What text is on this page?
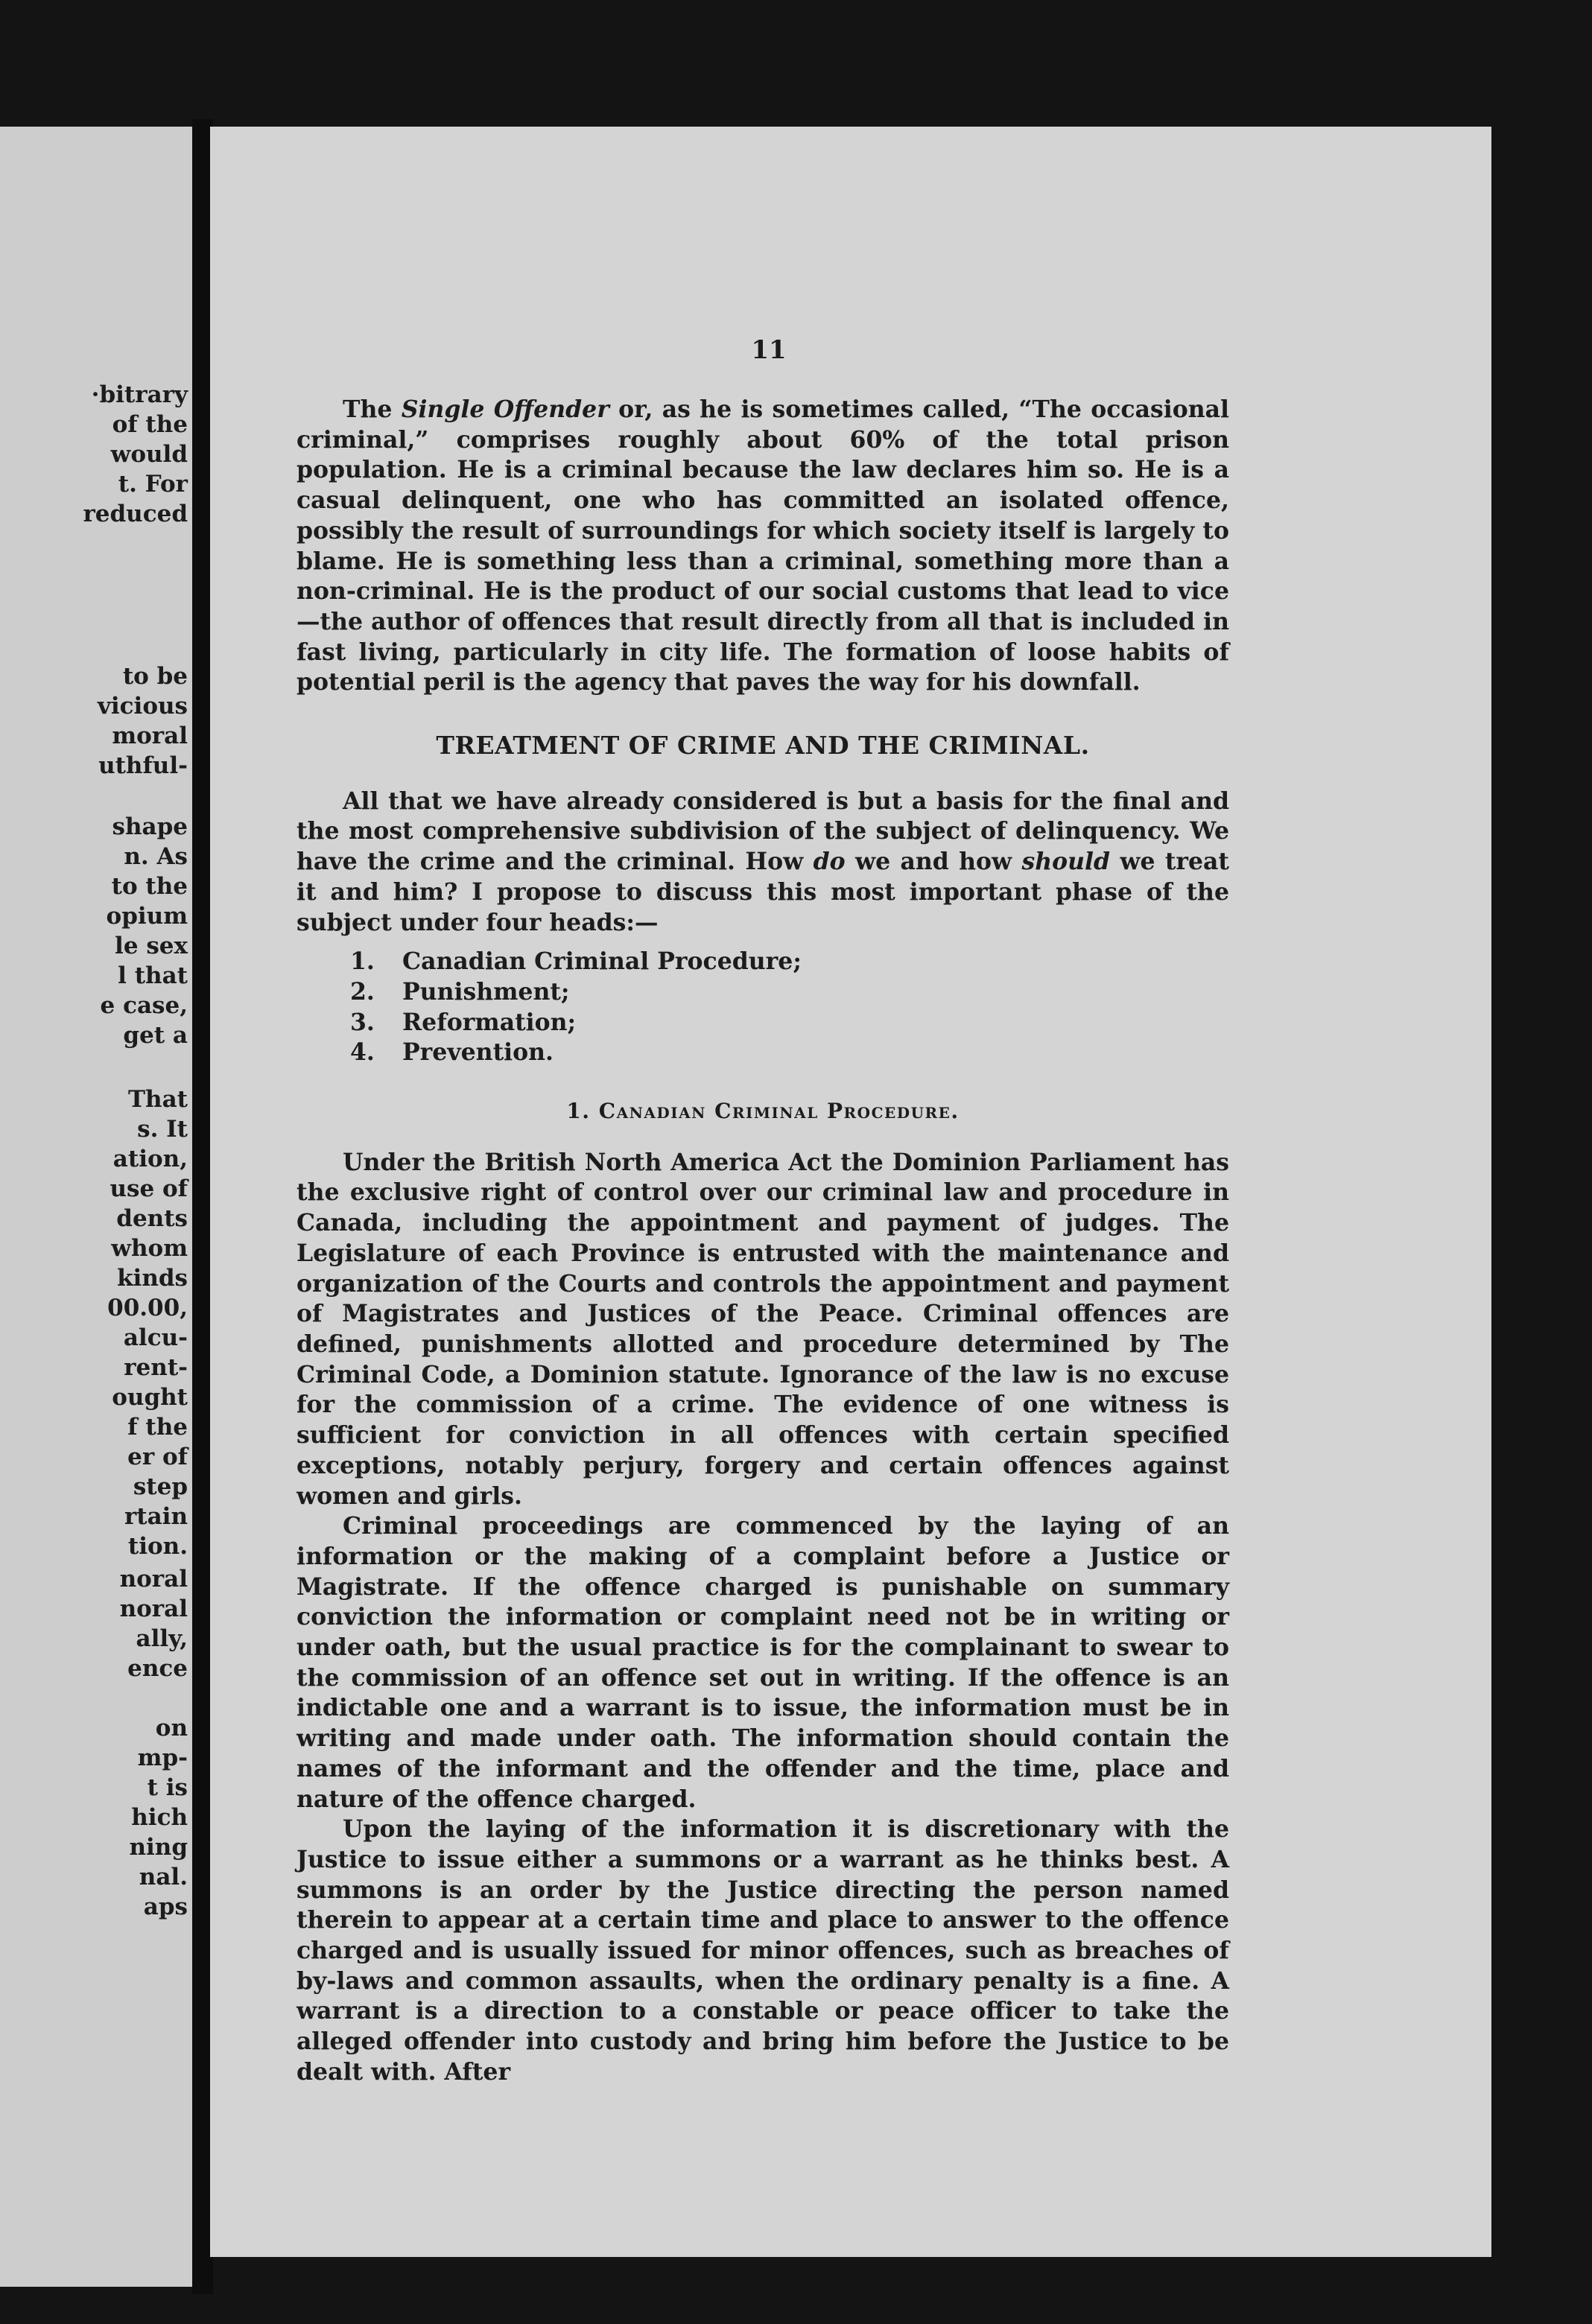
·bitrary
of the
would
t. For
reduced
to be
vicious
moral
uthful-
shape
n. As
to the
opium
le sex
l that
e case,
get a
That
s. It
ation,
use of
dents
whom
kinds
00.00,
alcu-
rent-
ought
f the
er of
step
rtain
tion.
noral
noral
ally,
ence
on
mp-
t is
hich
ning
nal.
aps
11

The Single Offender or, as he is sometimes called, “The occasional criminal,” comprises roughly about 60% of the total prison population. He is a criminal because the law declares him so. He is a casual delinquent, one who has committed an isolated offence, possibly the result of surroundings for which society itself is largely to blame. He is something less than a criminal, something more than a non-criminal. He is the product of our social customs that lead to vice—the author of offences that result directly from all that is included in fast living, particularly in city life. The formation of loose habits of potential peril is the agency that paves the way for his downfall.

TREATMENT OF CRIME AND THE CRIMINAL.

All that we have already considered is but a basis for the final and the most comprehensive subdivision of the subject of delinquency. We have the crime and the criminal. How do we and how should we treat it and him? I propose to discuss this most important phase of the subject under four heads:—

1. Canadian Criminal Procedure;
2. Punishment;
3. Reformation;
4. Prevention.
1. Canadian Criminal Procedure.

Under the British North America Act the Dominion Parliament has the exclusive right of control over our criminal law and procedure in Canada, including the appointment and payment of judges. The Legislature of each Province is entrusted with the maintenance and organization of the Courts and controls the appointment and payment of Magistrates and Justices of the Peace. Criminal offences are defined, punishments allotted and procedure determined by The Criminal Code, a Dominion statute. Ignorance of the law is no excuse for the commission of a crime. The evidence of one witness is sufficient for conviction in all offences with certain specified exceptions, notably perjury, forgery and certain offences against women and girls.

Criminal proceedings are commenced by the laying of an information or the making of a complaint before a Justice or Magistrate. If the offence charged is punishable on summary conviction the information or complaint need not be in writing or under oath, but the usual practice is for the complainant to swear to the commission of an offence set out in writing. If the offence is an indictable one and a warrant is to issue, the information must be in writing and made under oath. The information should contain the names of the informant and the offender and the time, place and nature of the offence charged.

Upon the laying of the information it is discretionary with the Justice to issue either a summons or a warrant as he thinks best. A summons is an order by the Justice directing the person named therein to appear at a certain time and place to answer to the offence charged and is usually issued for minor offences, such as breaches of by-laws and common assaults, when the ordinary penalty is a fine. A warrant is a direction to a constable or peace officer to take the alleged offender into custody and bring him before the Justice to be dealt with. After
